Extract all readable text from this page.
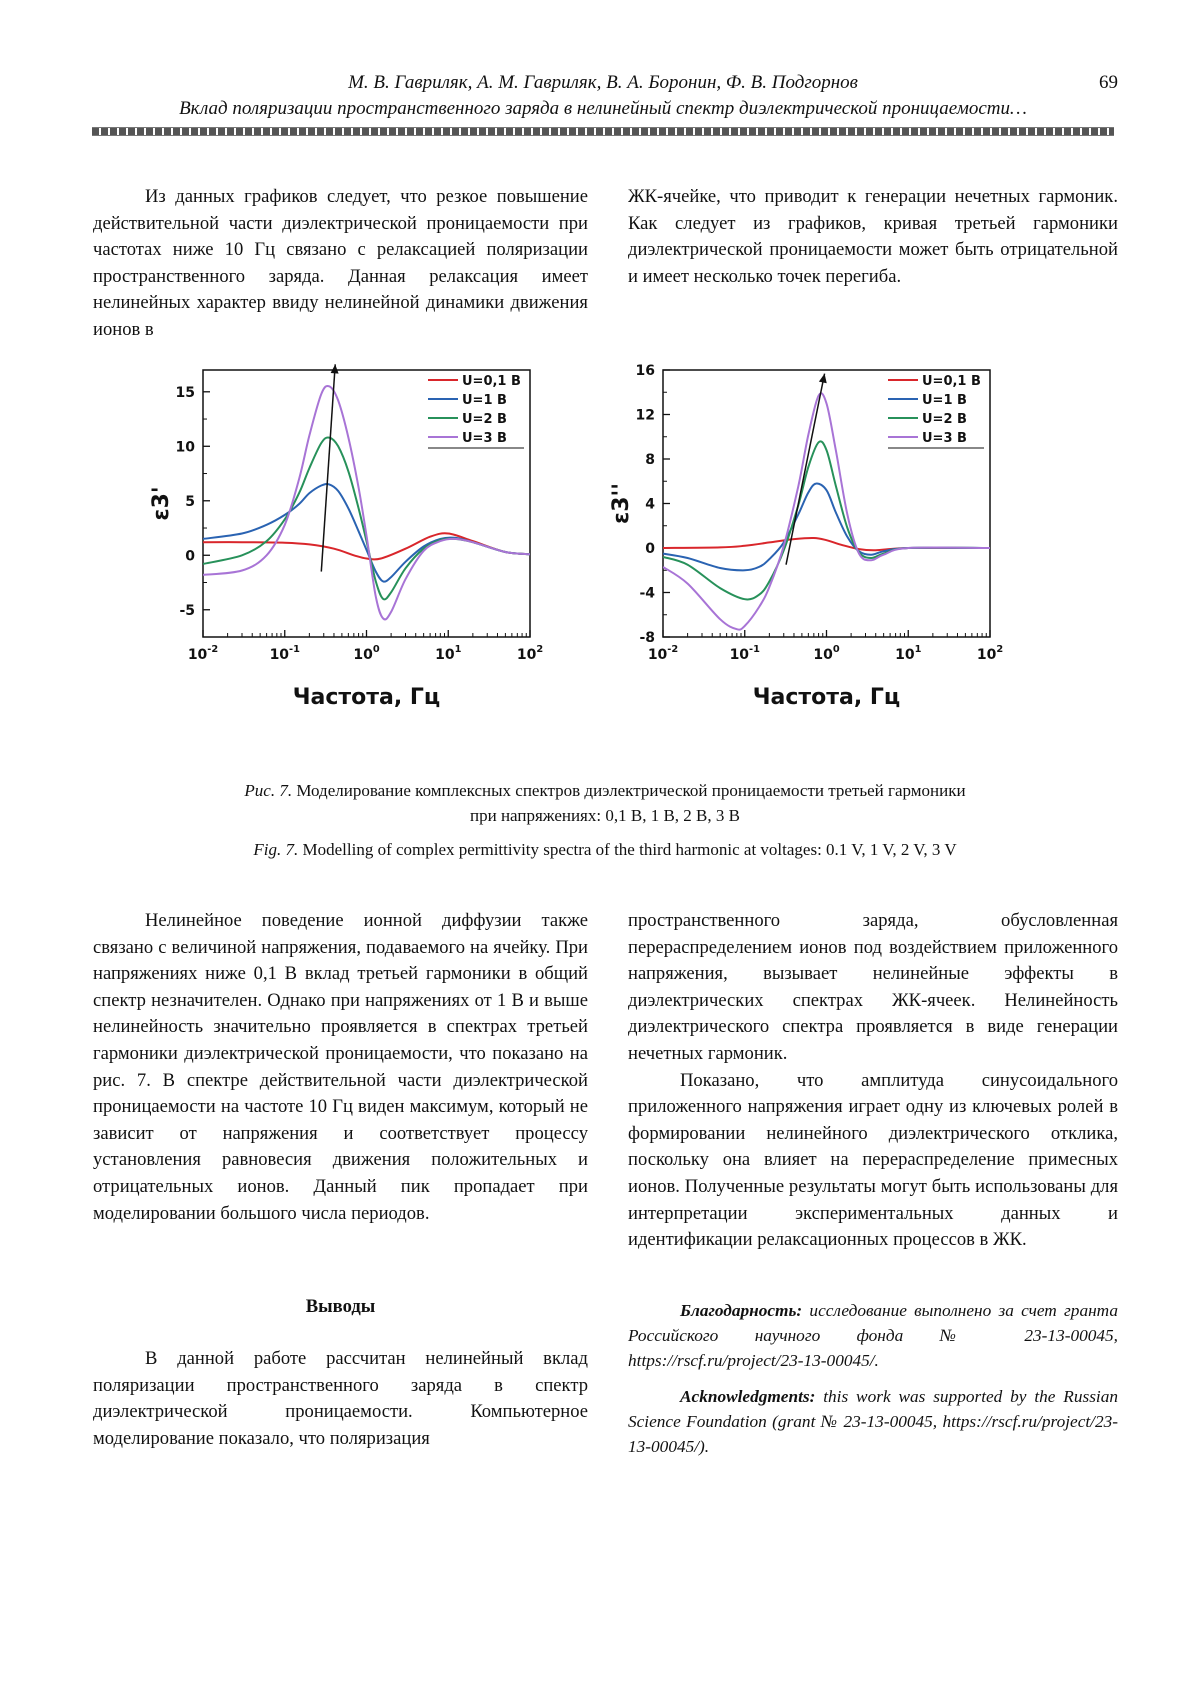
М. В. Гавриляк, А. М. Гавриляк, В. А. Боронин, Ф. В. Подгорнов
Вклад поляризации пространственного заряда в нелинейный спектр диэлектрической проницаемости…
69

Из данных графиков следует, что резкое повышение действительной части диэлектрической проницаемости при частотах ниже 10 Гц связано с релаксацией поляризации пространственного заряда. Данная релаксация имеет нелинейных характер ввиду нелинейной динамики движения ионов в

ЖК-ячейке, что приводит к генерации нечетных гармоник. Как следует из графиков, кривая третьей гармоники диэлектрической проницаемости может быть отрицательной и имеет несколько точек перегиба.

$10^{-2}$	$10^{-1}$	$10^0$	$10^1$	$10^2$
-5
0
5
10
15
Частота, Гц
ε3'
U=0,1 В
U=1 В
U=2 В
U=3 В
$10^{-2}$	$10^{-1}$	$10^0$	$10^1$	$10^2$
-8
-4
0
4
8
12
16
Частота, Гц
ε3''
U=0,1 В
U=1 В
U=2 В
U=3 В
Рис. 7. Моделирование комплексных спектров диэлектрической проницаемости третьей гармоники
при напряжениях: 0,1 В, 1 В, 2 В, 3 В
Fig. 7. Modelling of complex permittivity spectra of the third harmonic at voltages: 0.1 V, 1 V, 2 V, 3 V

Нелинейное поведение ионной диффузии также связано с величиной напряжения, подаваемого на ячейку. При напряжениях ниже 0,1 В вклад третьей гармоники в общий спектр незначителен. Однако при напряжениях от 1 В и выше нелинейность значительно проявляется в спектрах третьей гармоники диэлектрической проницаемости, что показано на рис. 7. В спектре действительной части диэлектрической проницаемости на частоте 10 Гц виден максимум, который не зависит от напряжения и соответствует процессу установления равновесия движения положительных и отрицательных ионов. Данный пик пропадает при моделировании большого числа периодов.

Выводы

В данной работе рассчитан нелинейный вклад поляризации пространственного заряда в спектр диэлектрической проницаемости. Компьютерное моделирование показало, что поляризация

пространственного заряда, обусловленная перераспределением ионов под воздействием приложенного напряжения, вызывает нелинейные эффекты в диэлектрических спектрах ЖК-ячеек. Нелинейность диэлектрического спектра проявляется в виде генерации нечетных гармоник.

Показано, что амплитуда синусоидального приложенного напряжения играет одну из ключевых ролей в формировании нелинейного диэлектрического отклика, поскольку она влияет на перераспределение примесных ионов. Полученные результаты могут быть использованы для интерпретации экспериментальных данных и идентификации релаксационных процессов в ЖК.

Благодарность: исследование выполнено за счет гранта Российского научного фонда № 23-13-00045, https://rscf.ru/project/23-13-00045/.

Acknowledgments: this work was supported by the Russian Science Foundation (grant № 23-13-00045, https://rscf.ru/project/23-13-00045/).
